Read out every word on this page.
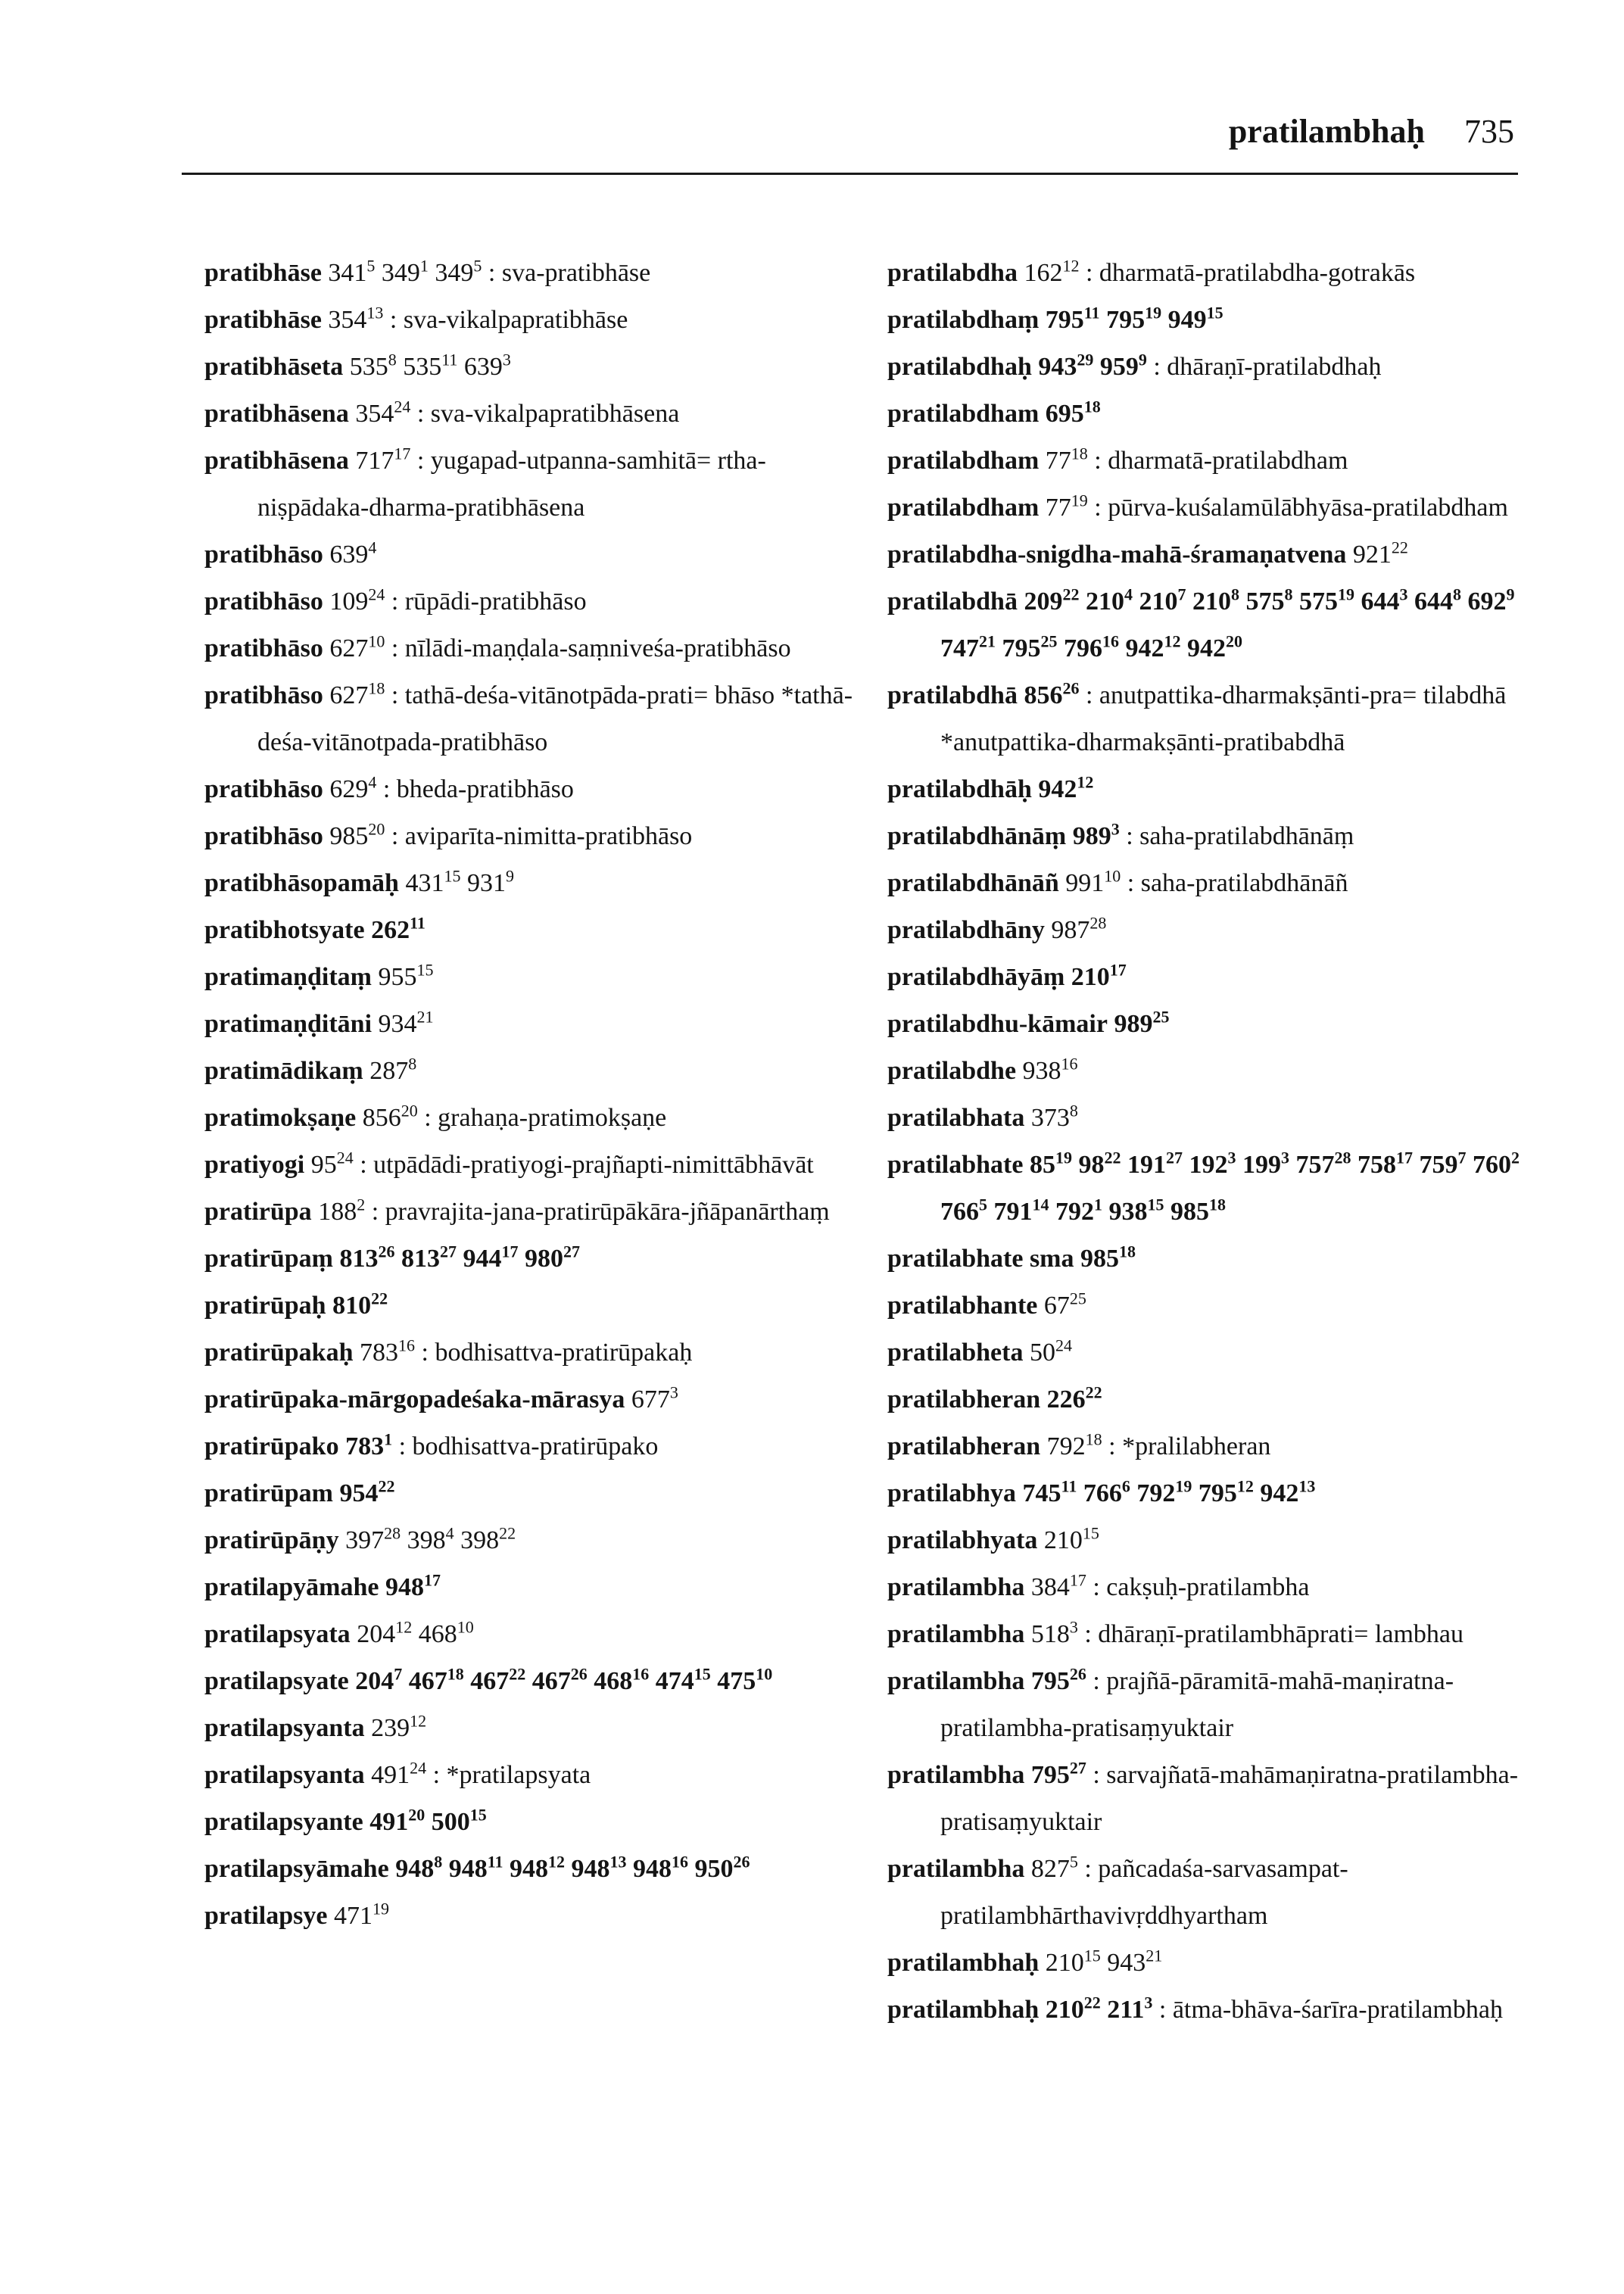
pratilambhaḥ 735
pratibhāse $341^5$ $349^1$ $349^5$ : sva-pratibhāse
pratibhāse $354^{13}$ : sva-vikalpapratibhāse
pratibhāseta $535^8$ $535^{11}$ $639^3$
pratibhāsena $354^{24}$ : sva-vikalpapratibhāsena
pratibhāsena $717^{17}$ : yugapad-utpanna-samhitā= rtha-niṣpādaka-dharma-pratibhāsena
pratibhāso $639^4$
pratibhāso $109^{24}$ : rūpādi-pratibhāso
pratibhāso $627^{10}$ : nīlādi-maṇḍala-saṃniveśa-pratibhāso
pratibhāso $627^{18}$ : tathā-deśa-vitānotpāda-prati= bhāso *tathā-deśa-vitānotpada-pratibhāso
pratibhāso $629^4$ : bheda-pratibhāso
pratibhāso $985^{20}$ : aviparīta-nimitta-pratibhāso
pratibhāsopamāḥ $431^{15}$ $931^9$
pratibhotsyate $262^{11}$
pratimaṇḍitaṃ $955^{15}$
pratimaṇḍitāni $934^{21}$
pratimādikaṃ $287^8$
pratimokṣaṇe $856^{20}$ : grahaṇa-pratimokṣaṇe
pratiyogi $95^{24}$ : utpādādi-pratiyogi-prajñapti-nimittābhāvāt
pratirūpa $188^2$ : pravrajita-jana-pratirūpākāra-jñāpanārthaṃ
pratirūpaṃ $813^{26}$ $813^{27}$ $944^{17}$ $980^{27}$
pratirūpaḥ $810^{22}$
pratirūpakaḥ $783^{16}$ : bodhisattva-pratirūpakaḥ
pratirūpaka-mārgopadeśaka-mārasya $677^3$
pratirūpako $783^1$ : bodhisattva-pratirūpako
pratirūpam $954^{22}$
pratirūpāṇy $397^{28}$ $398^4$ $398^{22}$
pratilapyāmahe $948^{17}$
pratilapsyata $204^{12}$ $468^{10}$
pratilapsyate $204^7$ $467^{18}$ $467^{22}$ $467^{26}$ $468^{16}$ $474^{15}$ $475^{10}$
pratilapsyanta $239^{12}$
pratilapsyanta $491^{24}$ : *pratilapsyata
pratilapsyante $491^{20}$ $500^{15}$
pratilapsyāmahe $948^8$ $948^{11}$ $948^{12}$ $948^{13}$ $948^{16}$ $950^{26}$
pratilapsye $471^{19}$
pratilabdha $162^{12}$ : dharmatā-pratilabdha-gotrakās
pratilabdhaṃ $795^{11}$ $795^{19}$ $949^{15}$
pratilabdhaḥ $943^{29}$ $959^9$ : dhāraṇī-pratilabdhaḥ
pratilabdham $695^{18}$
pratilabdham $77^{18}$ : dharmatā-pratilabdham
pratilabdham $77^{19}$ : pūrva-kuśalamūlābhyāsa-pratilabdham
pratilabdha-snigdha-mahā-śramaṇatvena $921^{22}$
pratilabdhā $209^{22}$ $210^4$ $210^7$ $210^8$ $575^8$ $575^{19}$ $644^3$ $644^8$ $692^9$ $747^{21}$ $795^{25}$ $796^{16}$ $942^{12}$ $942^{20}$
pratilabdhā $856^{26}$ : anutpattika-dharmakṣānti-pra= tilabdhā *anutpattika-dharmakṣānti-pratibabdhā
pratilabdhāḥ $942^{12}$
pratilabdhānāṃ $989^3$ : saha-pratilabdhānāṃ
pratilabdhānāñ $991^{10}$ : saha-pratilabdhānāñ
pratilabdhāny $987^{28}$
pratilabdhāyāṃ $210^{17}$
pratilabdhu-kāmair $989^{25}$
pratilabdhe $938^{16}$
pratilabhata $373^8$
pratilabhate $85^{19}$ $98^{22}$ $191^{27}$ $192^3$ $199^3$ $757^{28}$ $758^{17}$ $759^7$ $760^2$ $766^5$ $791^{14}$ $792^1$ $938^{15}$ $985^{18}$
pratilabhate sma $985^{18}$
pratilabhante $67^{25}$
pratilabheta $50^{24}$
pratilabheran $226^{22}$
pratilabheran $792^{18}$ : *pralilabheran
pratilabhya $745^{11}$ $766^6$ $792^{19}$ $795^{12}$ $942^{13}$
pratilabhyata $210^{15}$
pratilambha $384^{17}$ : cakṣuḥ-pratilambha
pratilambha $518^3$ : dhāraṇī-pratilambhāprati= lambhau
pratilambha $795^{26}$ : prajñā-pāramitā-mahā-maṇiratna-pratilambha-pratisaṃyuktair
pratilambha $795^{27}$ : sarvajñatā-mahāmaṇiratna-pratilambha-pratisaṃyuktair
pratilambha $827^5$ : pañcadaśa-sarvasampat-pratilambhārthavivṛddhyartham
pratilambhaḥ $210^{15}$ $943^{21}$
pratilambhaḥ $210^{22}$ $211^3$ : ātma-bhāva-śarīra-pratilambhaḥ
